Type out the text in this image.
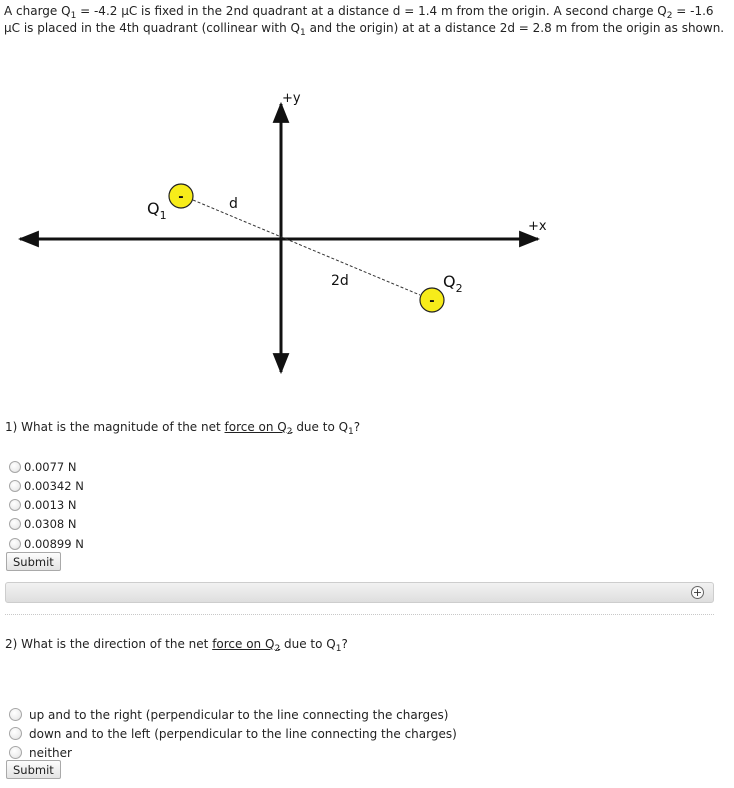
A charge $Q_1 = -4.2$ μC is fixed in the 2nd quadrant at a distance d = 1.4 m from the origin. A second charge $Q_2 = -1.6$ μC is placed in the 4th quadrant (collinear with $Q_1$ and the origin) at at a distance 2d = 2.8 m from the origin as shown.
+y
+x
$Q_1$
$Q_2$
d
2d
-
-
1) What is the magnitude of the net force on $Q_2$ due to $Q_1$?
0.0077 N
0.00342 N
0.0013 N
0.0308 N
0.00899 N
Submit
+
2) What is the direction of the net force on $Q_2$ due to $Q_1$?
up and to the right (perpendicular to the line connecting the charges)
down and to the left (perpendicular to the line connecting the charges)
neither
Submit
